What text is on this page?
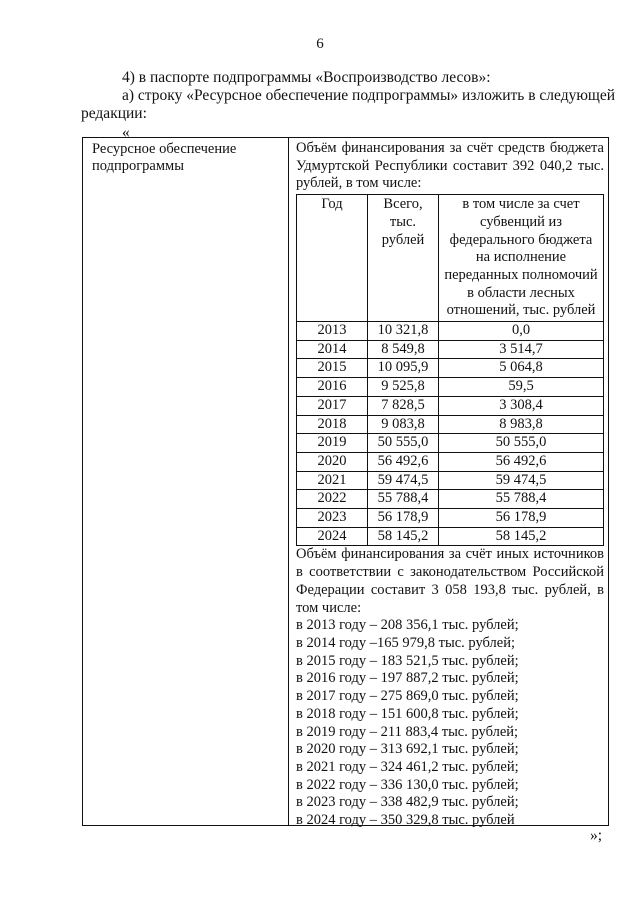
6
4) в паспорте подпрограммы «Воспроизводство лесов»:
а) строку «Ресурсное обеспечение подпрограммы» изложить в следующей
редакции:
«
Ресурсное обеспечение подпрограммы
Объём финансирования за счёт средств бюджета Удмуртской Республики составит 392 040,2 тыс. рублей, в том числе:
Год	Всего, тыс. рублей	в том числе за счет субвенций из федерального бюджета на исполнение переданных полномочий в области лесных отношений, тыс. рублей
2013	10 321,8	0,0
2014	8 549,8	3 514,7
2015	10 095,9	5 064,8
2016	9 525,8	59,5
2017	7 828,5	3 308,4
2018	9 083,8	8 983,8
2019	50 555,0	50 555,0
2020	56 492,6	56 492,6
2021	59 474,5	59 474,5
2022	55 788,4	55 788,4
2023	56 178,9	56 178,9
2024	58 145,2	58 145,2
Объём финансирования за счёт иных источников в соответствии с законодательством Российской Федерации составит 3 058 193,8 тыс. рублей, в том числе:
в 2013 году – 208 356,1 тыс. рублей;
в 2014 году –165 979,8 тыс. рублей;
в 2015 году – 183 521,5 тыс. рублей;
в 2016 году – 197 887,2 тыс. рублей;
в 2017 году – 275 869,0 тыс. рублей;
в 2018 году – 151 600,8 тыс. рублей;
в 2019 году – 211 883,4 тыс. рублей;
в 2020 году – 313 692,1 тыс. рублей;
в 2021 году – 324 461,2 тыс. рублей;
в 2022 году – 336 130,0 тыс. рублей;
в 2023 году – 338 482,9 тыс. рублей;
в 2024 году – 350 329,8 тыс. рублей
»;
